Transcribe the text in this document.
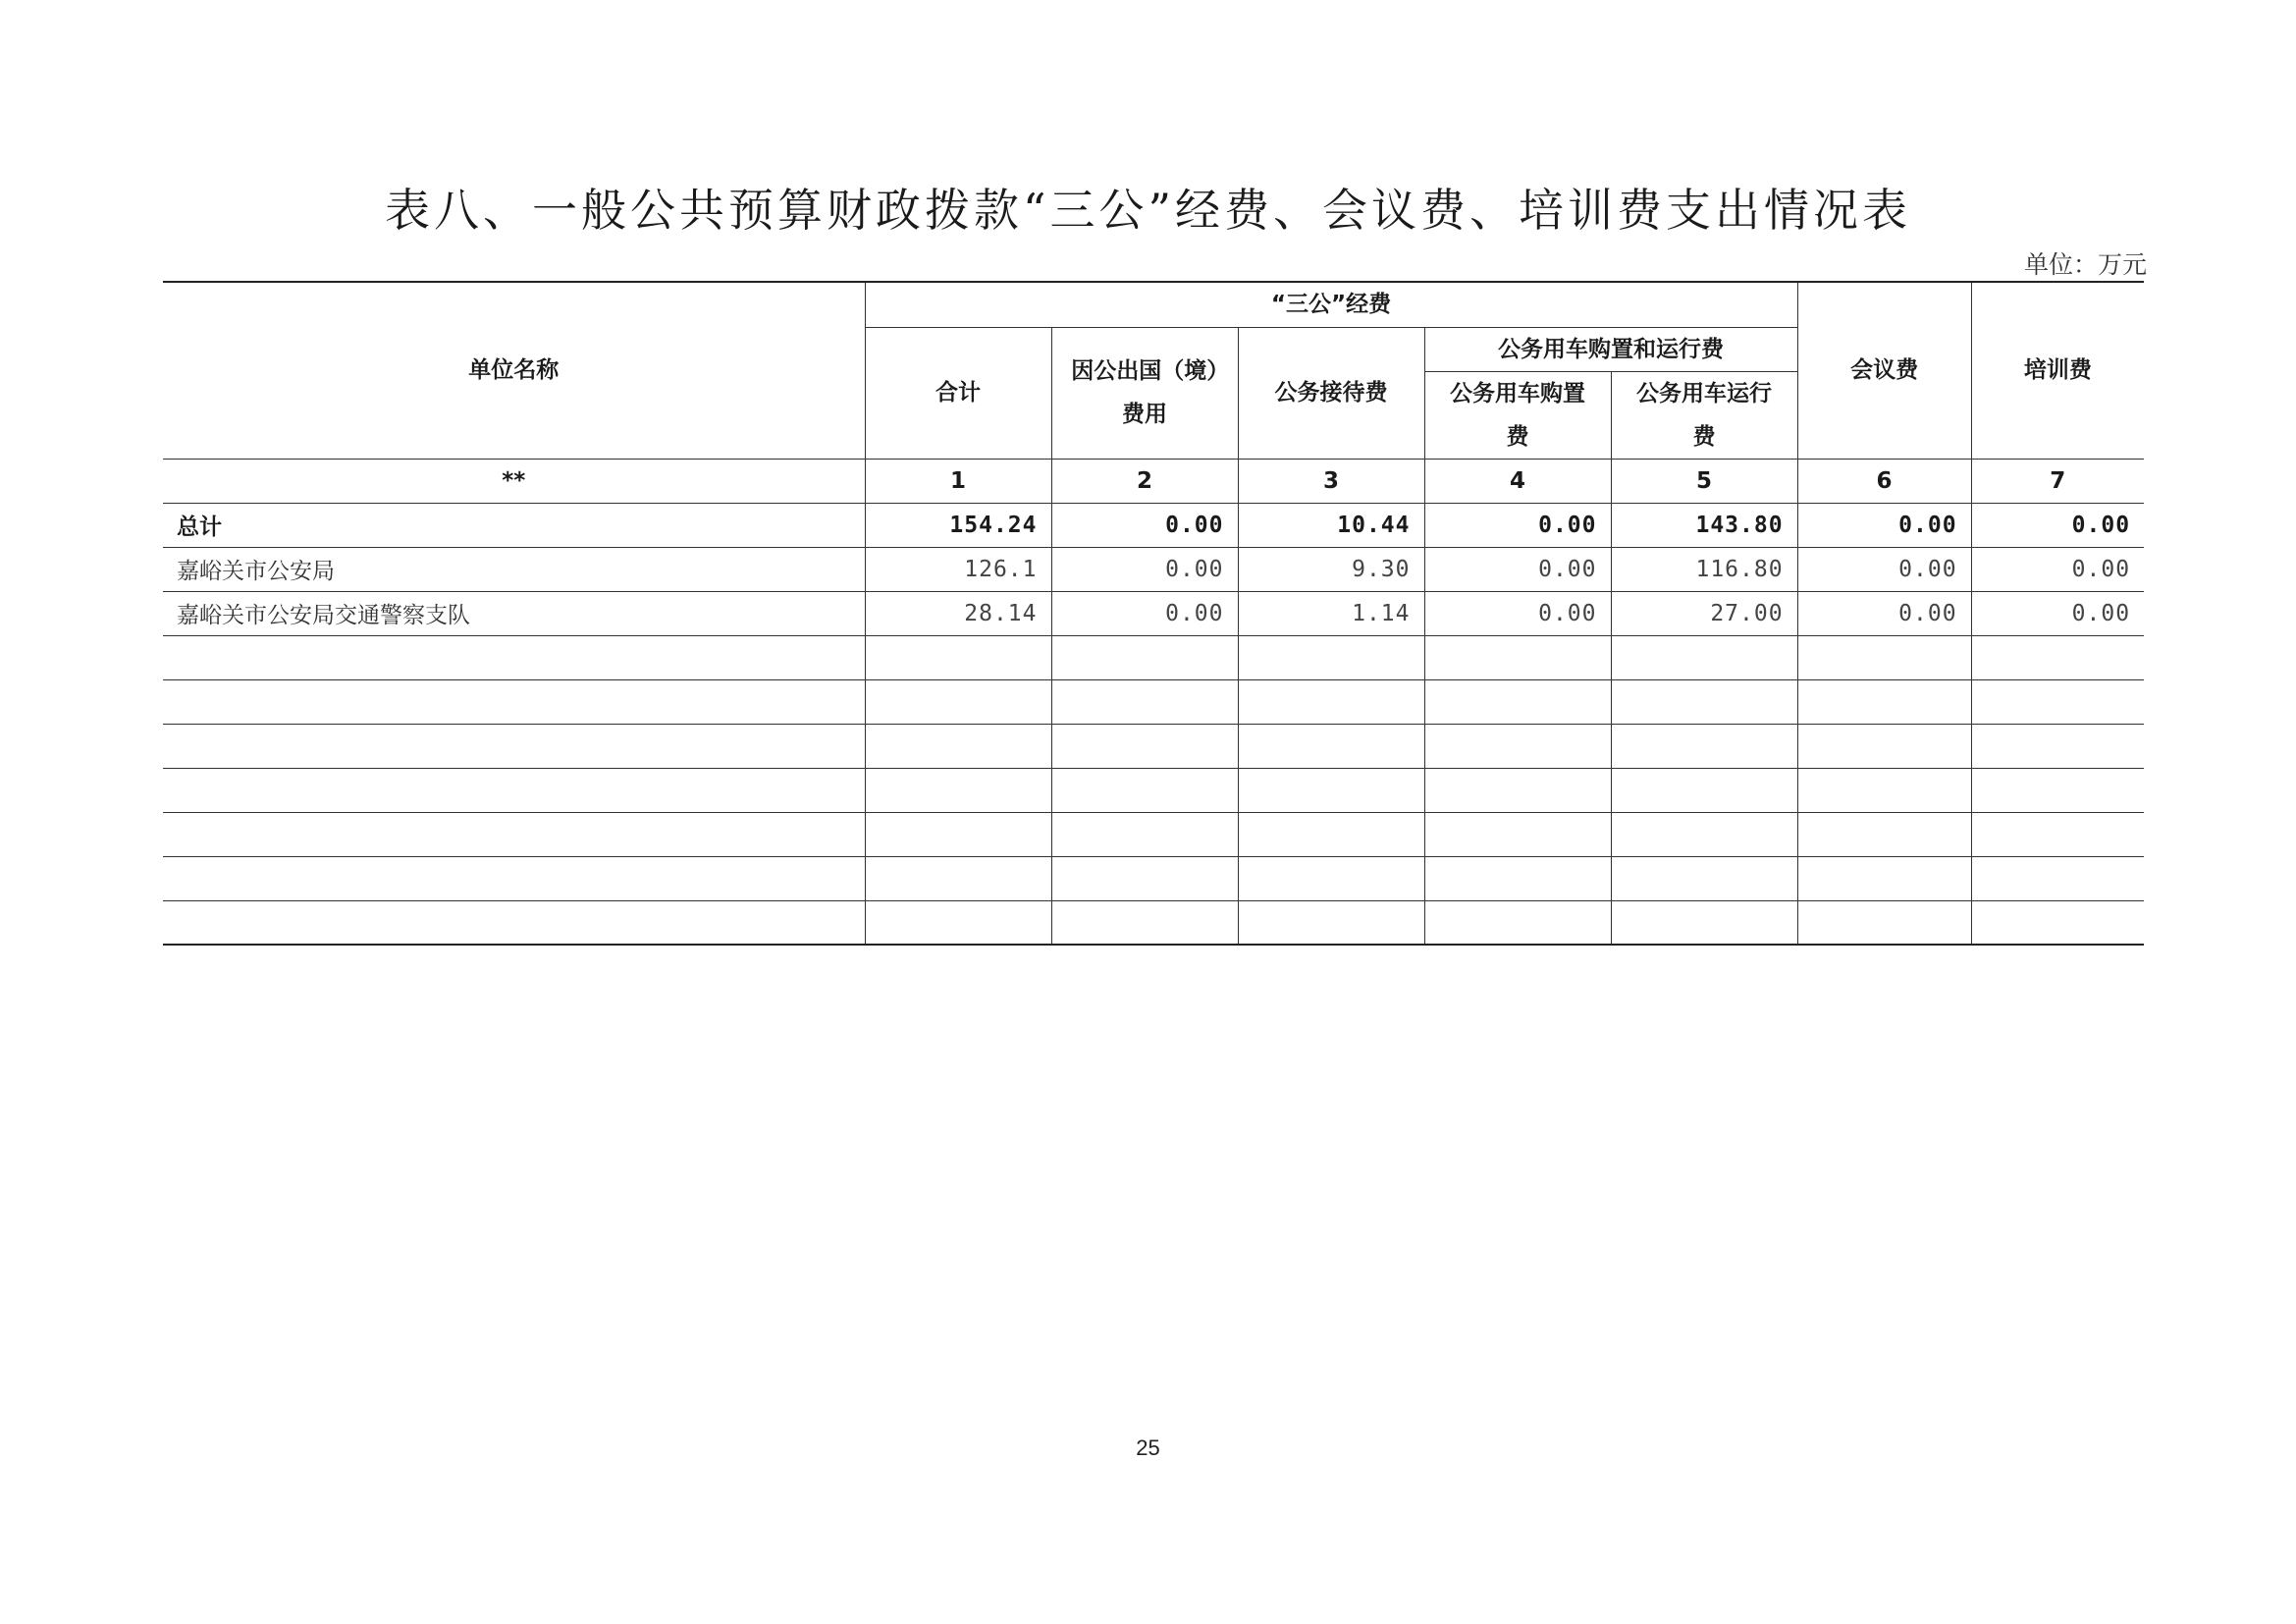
表八、一般公共预算财政拨款“三公”经费、会议费、培训费支出情况表
单位：万元
单位名称	“三公”经费					会议费	培训费
	合计	因公出国（境）费用	公务接待费	公务用车购置和运行费			
				公务用车购置费	公务用车运行费		
**	1	2	3	4	5	6	7
总计	154.24	0.00	10.44	0.00	143.80	0.00	0.00
嘉峪关市公安局	126.1	0.00	9.30	0.00	116.80	0.00	0.00
嘉峪关市公安局交通警察支队	28.14	0.00	1.14	0.00	27.00	0.00	0.00

25
